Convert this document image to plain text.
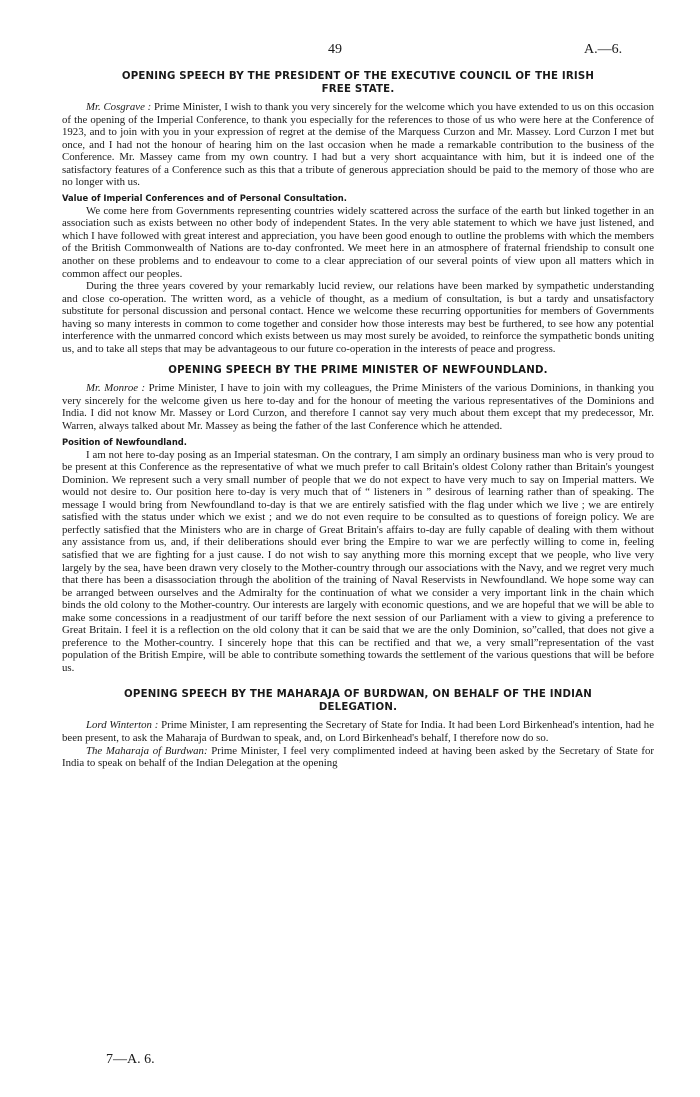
49	A.—6.
OPENING SPEECH BY THE PRESIDENT OF THE EXECUTIVE COUNCIL OF THE IRISH
FREE STATE.

Mr. Cosgrave : Prime Minister, I wish to thank you very sincerely for the welcome which you have extended to us on this occasion of the opening of the Imperial Conference, to thank you especially for the references to those of us who were here at the Conference of 1923, and to join with you in your expression of regret at the demise of the Marquess Curzon and Mr. Massey. Lord Curzon I met but once, and I had not the honour of hearing him on the last occasion when he made a remarkable contribution to the business of the Conference. Mr. Massey came from my own country. I had but a very short acquaintance with him, but it is indeed one of the satisfactory features of a Conference such as this that a tribute of generous appreciation should be paid to the memory of those who are no longer with us.

Value of Imperial Conferences and of Personal Consultation.

We come here from Governments representing countries widely scattered across the surface of the earth but linked together in an association such as exists between no other body of independent States. In the very able statement to which we have just listened, and which I have followed with great interest and appreciation, you have been good enough to outline the problems with which the members of the British Commonwealth of Nations are to-day confronted. We meet here in an atmosphere of fraternal friendship to consult one another on these problems and to endeavour to come to a clear appreciation of our several points of view upon all matters which in common affect our peoples.

During the three years covered by your remarkably lucid review, our relations have been marked by sympathetic understanding and close co-operation. The written word, as a vehicle of thought, as a medium of consultation, is but a tardy and unsatisfactory substitute for personal discussion and personal contact. Hence we welcome these recurring opportunities for members of Governments having so many interests in common to come together and consider how those interests may best be furthered, to see how any potential interference with the unmarred concord which exists between us may most surely be avoided, to reinforce the sympathetic bonds uniting us, and to take all steps that may be advantageous to our future co-operation in the interests of peace and progress.

OPENING SPEECH BY THE PRIME MINISTER OF NEWFOUNDLAND.

Mr. Monroe : Prime Minister, I have to join with my colleagues, the Prime Ministers of the various Dominions, in thanking you very sincerely for the welcome given us here to-day and for the honour of meeting the various representatives of the Dominions and India. I did not know Mr. Massey or Lord Curzon, and therefore I cannot say very much about them except that my predecessor, Mr. Warren, always talked about Mr. Massey as being the father of the last Conference which he attended.

Position of Newfoundland.

I am not here to-day posing as an Imperial statesman. On the contrary, I am simply an ordinary business man who is very proud to be present at this Conference as the representative of what we much prefer to call Britain's oldest Colony rather than Britain's youngest Dominion. We represent such a very small number of people that we do not expect to have very much to say on Imperial matters. We would not desire to. Our position here to-day is very much that of “ listeners in ” desirous of learning rather than of speaking. The message I would bring from Newfoundland to-day is that we are entirely satisfied with the flag under which we live ; we are entirely satisfied with the status under which we exist ; and we do not even require to be consulted as to questions of foreign policy. We are perfectly satisfied that the Ministers who are in charge of Great Britain's affairs to-day are fully capable of dealing with them without any assistance from us, and, if their deliberations should ever bring the Empire to war we are perfectly willing to come in, feeling satisfied that we are fighting for a just cause. I do not wish to say anything more this morning except that we people, who live very largely by the sea, have been drawn very closely to the Mother-country through our associations with the Navy, and we regret very much that there has been a disassociation through the abolition of the training of Naval Reservists in Newfoundland. We hope some way can be arranged between ourselves and the Admiralty for the continuation of what we consider a very important link in the chain which binds the old colony to the Mother-country. Our interests are largely with economic questions, and we are hopeful that we will be able to make some concessions in a readjustment of our tariff before the next session of our Parliament with a view to giving a preference to Great Britain. I feel it is a reflection on the old colony that it can be said that we are the only Dominion, so”called, that does not give a preference to the Mother-country. I sincerely hope that this can be rectified and that we, a very small”representation of the vast population of the British Empire, will be able to contribute something towards the settlement of the various questions that will be before us.

OPENING SPEECH BY THE MAHARAJA OF BURDWAN, ON BEHALF OF THE INDIAN
DELEGATION.

Lord Winterton : Prime Minister, I am representing the Secretary of State for India. It had been Lord Birkenhead's intention, had he been present, to ask the Maharaja of Burdwan to speak, and, on Lord Birkenhead's behalf, I therefore now do so.

The Maharaja of Burdwan: Prime Minister, I feel very complimented indeed at having been asked by the Secretary of State for India to speak on behalf of the Indian Delegation at the opening

7—A. 6.
